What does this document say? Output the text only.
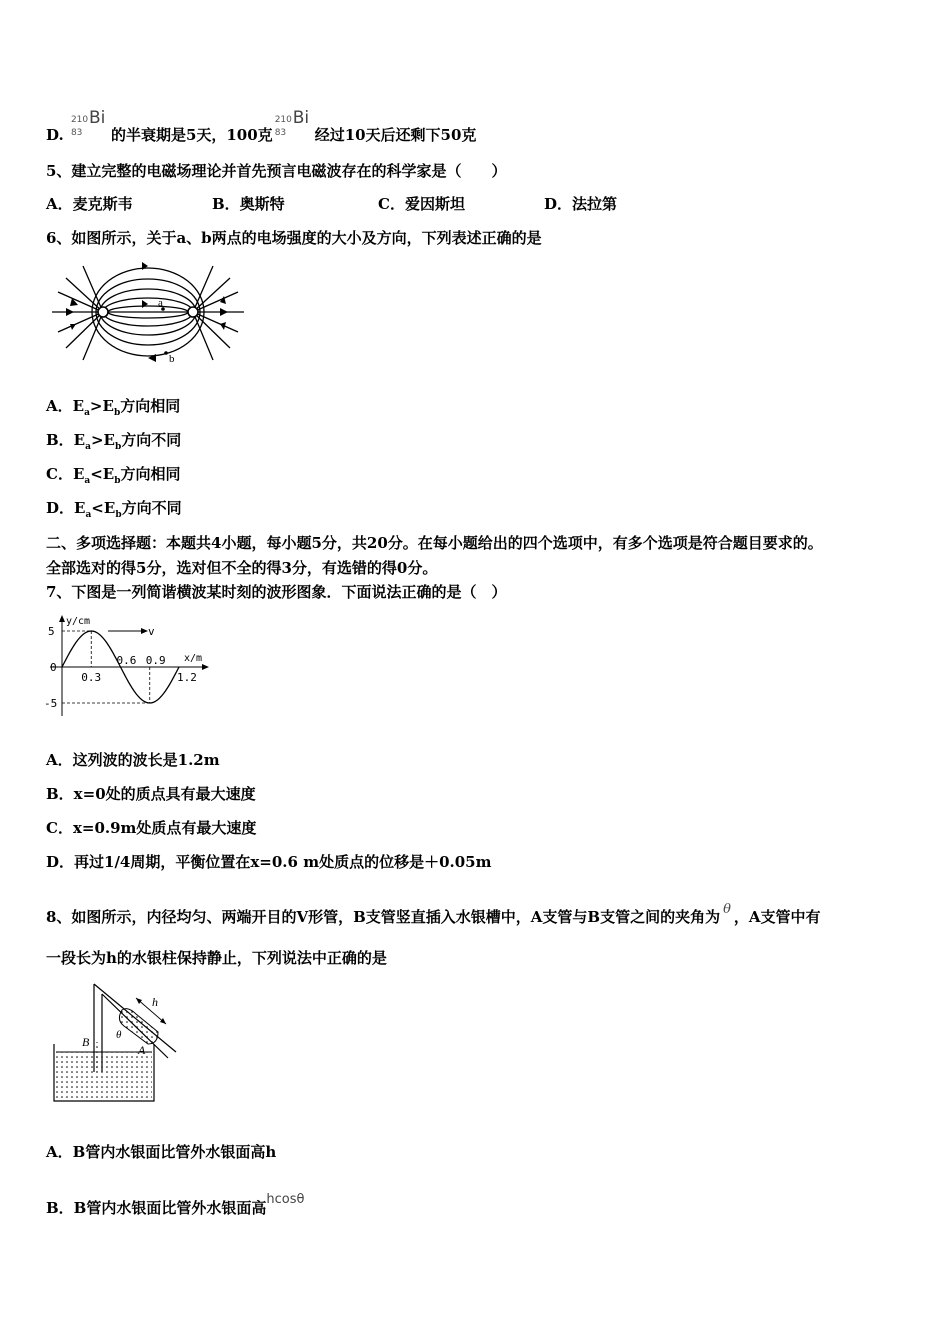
D.
210
83
Bi
的半衰期是5天，100克
210
83
Bi
经过10天后还剩下50克
5、建立完整的电磁场理论并首先预言电磁波存在的科学家是（　　）
A．麦克斯韦	B．奥斯特	C．爱因斯坦	D．法拉第
6、如图所示，关于a、b两点的电场强度的大小及方向，下列表述正确的是
a
b
A．$E_a>E_b$方向相同
B．$E_a>E_b$方向不同
C．$E_a<E_b$方向相同
D．$E_a<E_b$方向不同
二、多项选择题：本题共4小题，每小题5分，共20分。在每小题给出的四个选项中，有多个选项是符合题目要求的。
全部选对的得5分，选对但不全的得3分，有选错的得0分。
7、下图是一列简谐横波某时刻的波形图象．下面说法正确的是（　）
v
y/cm
x/m
5
0
-5
0.3
0.6 0.9
1.2
A．这列波的波长是1.2m
B．x=0处的质点具有最大速度
C．x=0.9m处质点有最大速度
D．再过1/4周期，平衡位置在x=0.6 m处质点的位移是＋0.05m
8、如图所示，内径均匀、两端开目的V形管，B支管竖直插入水银槽中，A支管与B支管之间的夹角为 θ ，A支管中有
一段长为h的水银柱保持静止，下列说法中正确的是
h
B θ
A
A．B管内水银面比管外水银面高h
B．B管内水银面比管外水银面高hcosθ
